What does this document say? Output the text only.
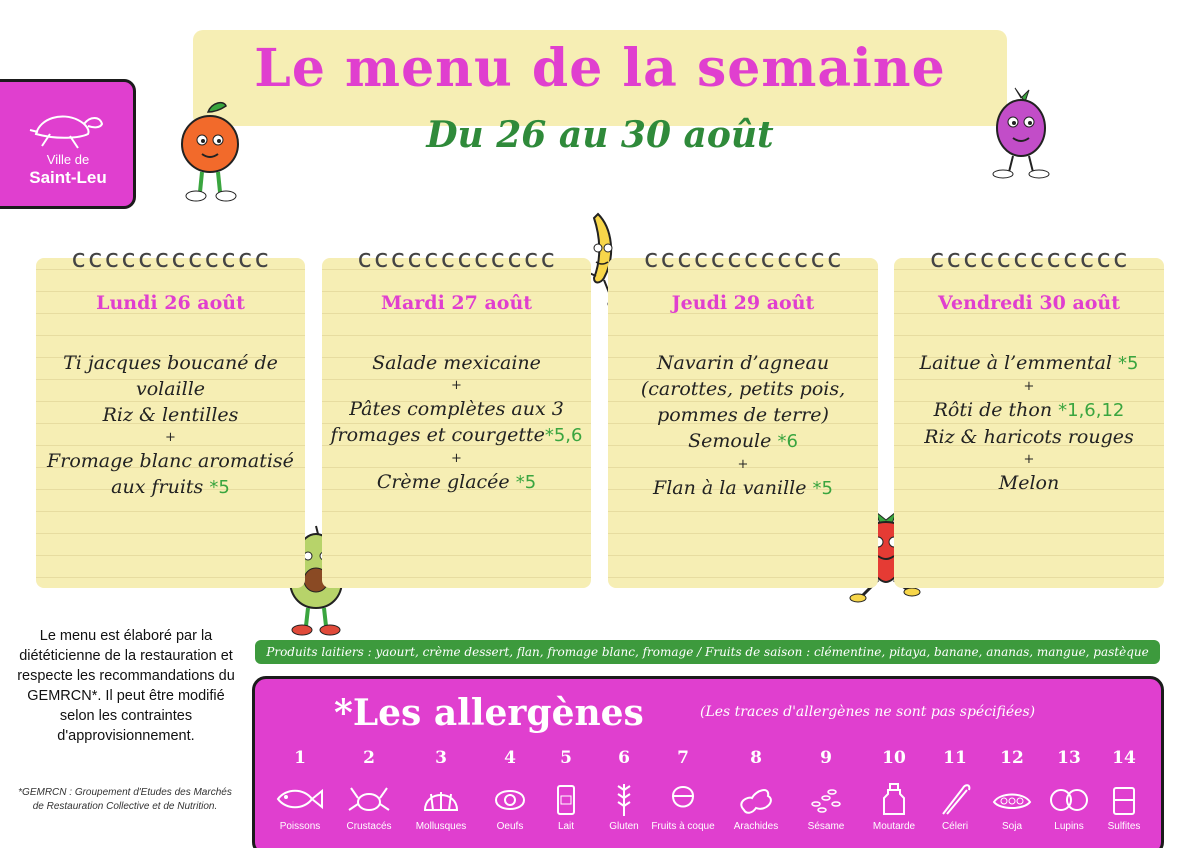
Le menu de la semaine
Du 26 au 30 août
Ville de
Saint-Leu
cccccccccccc
Lundi 26 août
Ti jacques boucané de
volaille
Riz & lentilles
+
Fromage blanc aromatisé
aux fruits *5
cccccccccccc
Mardi 27 août
Salade mexicaine
+
Pâtes complètes aux 3
fromages et courgette*5,6
+
Crème glacée *5
cccccccccccc
Jeudi 29 août
Navarin d’agneau
(carottes, petits pois,
pommes de terre)
Semoule *6
+
Flan à la vanille *5
cccccccccccc
Vendredi 30 août
Laitue à l’emmental *5
+
Rôti de thon *1,6,12
Riz & haricots rouges
+
Melon
Le menu est élaboré par la diététicienne de la restauration et respecte les recommandations du GEMRCN*. Il peut être modifié selon les contraintes d'approvisionnement.
*GEMRCN : Groupement d'Etudes des Marchés de Restauration Collective et de Nutrition.
Produits laitiers : yaourt, crème dessert, flan, fromage blanc, fromage / Fruits de saison : clémentine, pitaya, banane, ananas, mangue, pastèque
*Les allergènes	(Les traces d'allergènes ne sont pas spécifiées)
1
Poissons
2
Crustacés
3
Mollusques
4
Oeufs
5
Lait
6
Gluten
7
Fruits à coque
8
Arachides
9
Sésame
10
Moutarde
11
Céleri
12
Soja
13
Lupins
14
Sulfites
